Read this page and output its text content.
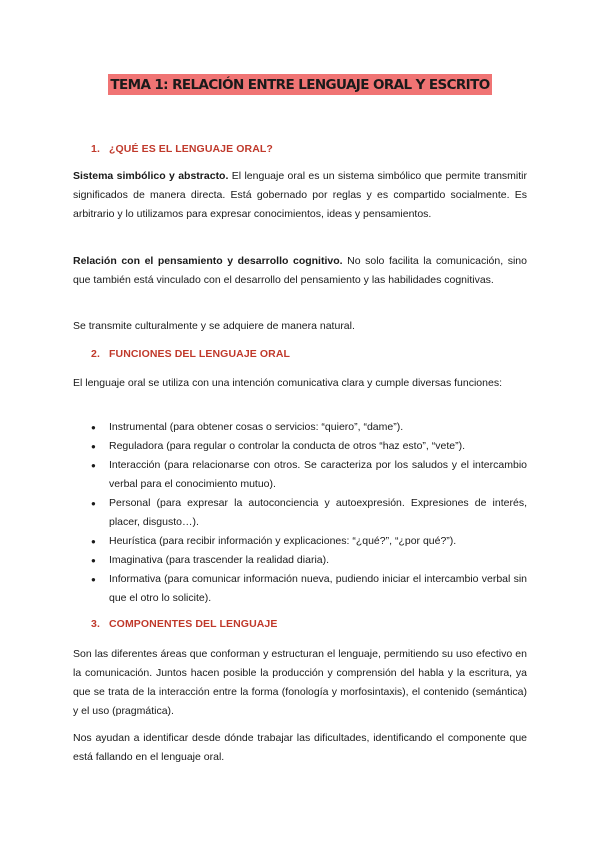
TEMA 1: RELACIÓN ENTRE LENGUAJE ORAL Y ESCRITO
1. ¿QUÉ ES EL LENGUAJE ORAL?

Sistema simbólico y abstracto. El lenguaje oral es un sistema simbólico que permite transmitir significados de manera directa. Está gobernado por reglas y es compartido socialmente. Es arbitrario y lo utilizamos para expresar conocimientos, ideas y pensamientos.

Relación con el pensamiento y desarrollo cognitivo. No solo facilita la comunicación, sino que también está vinculado con el desarrollo del pensamiento y las habilidades cognitivas.

Se transmite culturalmente y se adquiere de manera natural.

2. FUNCIONES DEL LENGUAJE ORAL

El lenguaje oral se utiliza con una intención comunicativa clara y cumple diversas funciones:

● Instrumental (para obtener cosas o servicios: “quiero”, “dame”).
● Reguladora (para regular o controlar la conducta de otros “haz esto”, “vete”).
● Interacción (para relacionarse con otros. Se caracteriza por los saludos y el intercambio verbal para el conocimiento mutuo).
● Personal (para expresar la autoconciencia y autoexpresión. Expresiones de interés, placer, disgusto…).
● Heurística (para recibir información y explicaciones: “¿qué?”, “¿por qué?”).
● Imaginativa (para trascender la realidad diaria).
● Informativa (para comunicar información nueva, pudiendo iniciar el intercambio verbal sin que el otro lo solicite).
3. COMPONENTES DEL LENGUAJE

Son las diferentes áreas que conforman y estructuran el lenguaje, permitiendo su uso efectivo en la comunicación. Juntos hacen posible la producción y comprensión del habla y la escritura, ya que se trata de la interacción entre la forma (fonología y morfosintaxis), el contenido (semántica) y el uso (pragmática).

Nos ayudan a identificar desde dónde trabajar las dificultades, identificando el componente que está fallando en el lenguaje oral.
